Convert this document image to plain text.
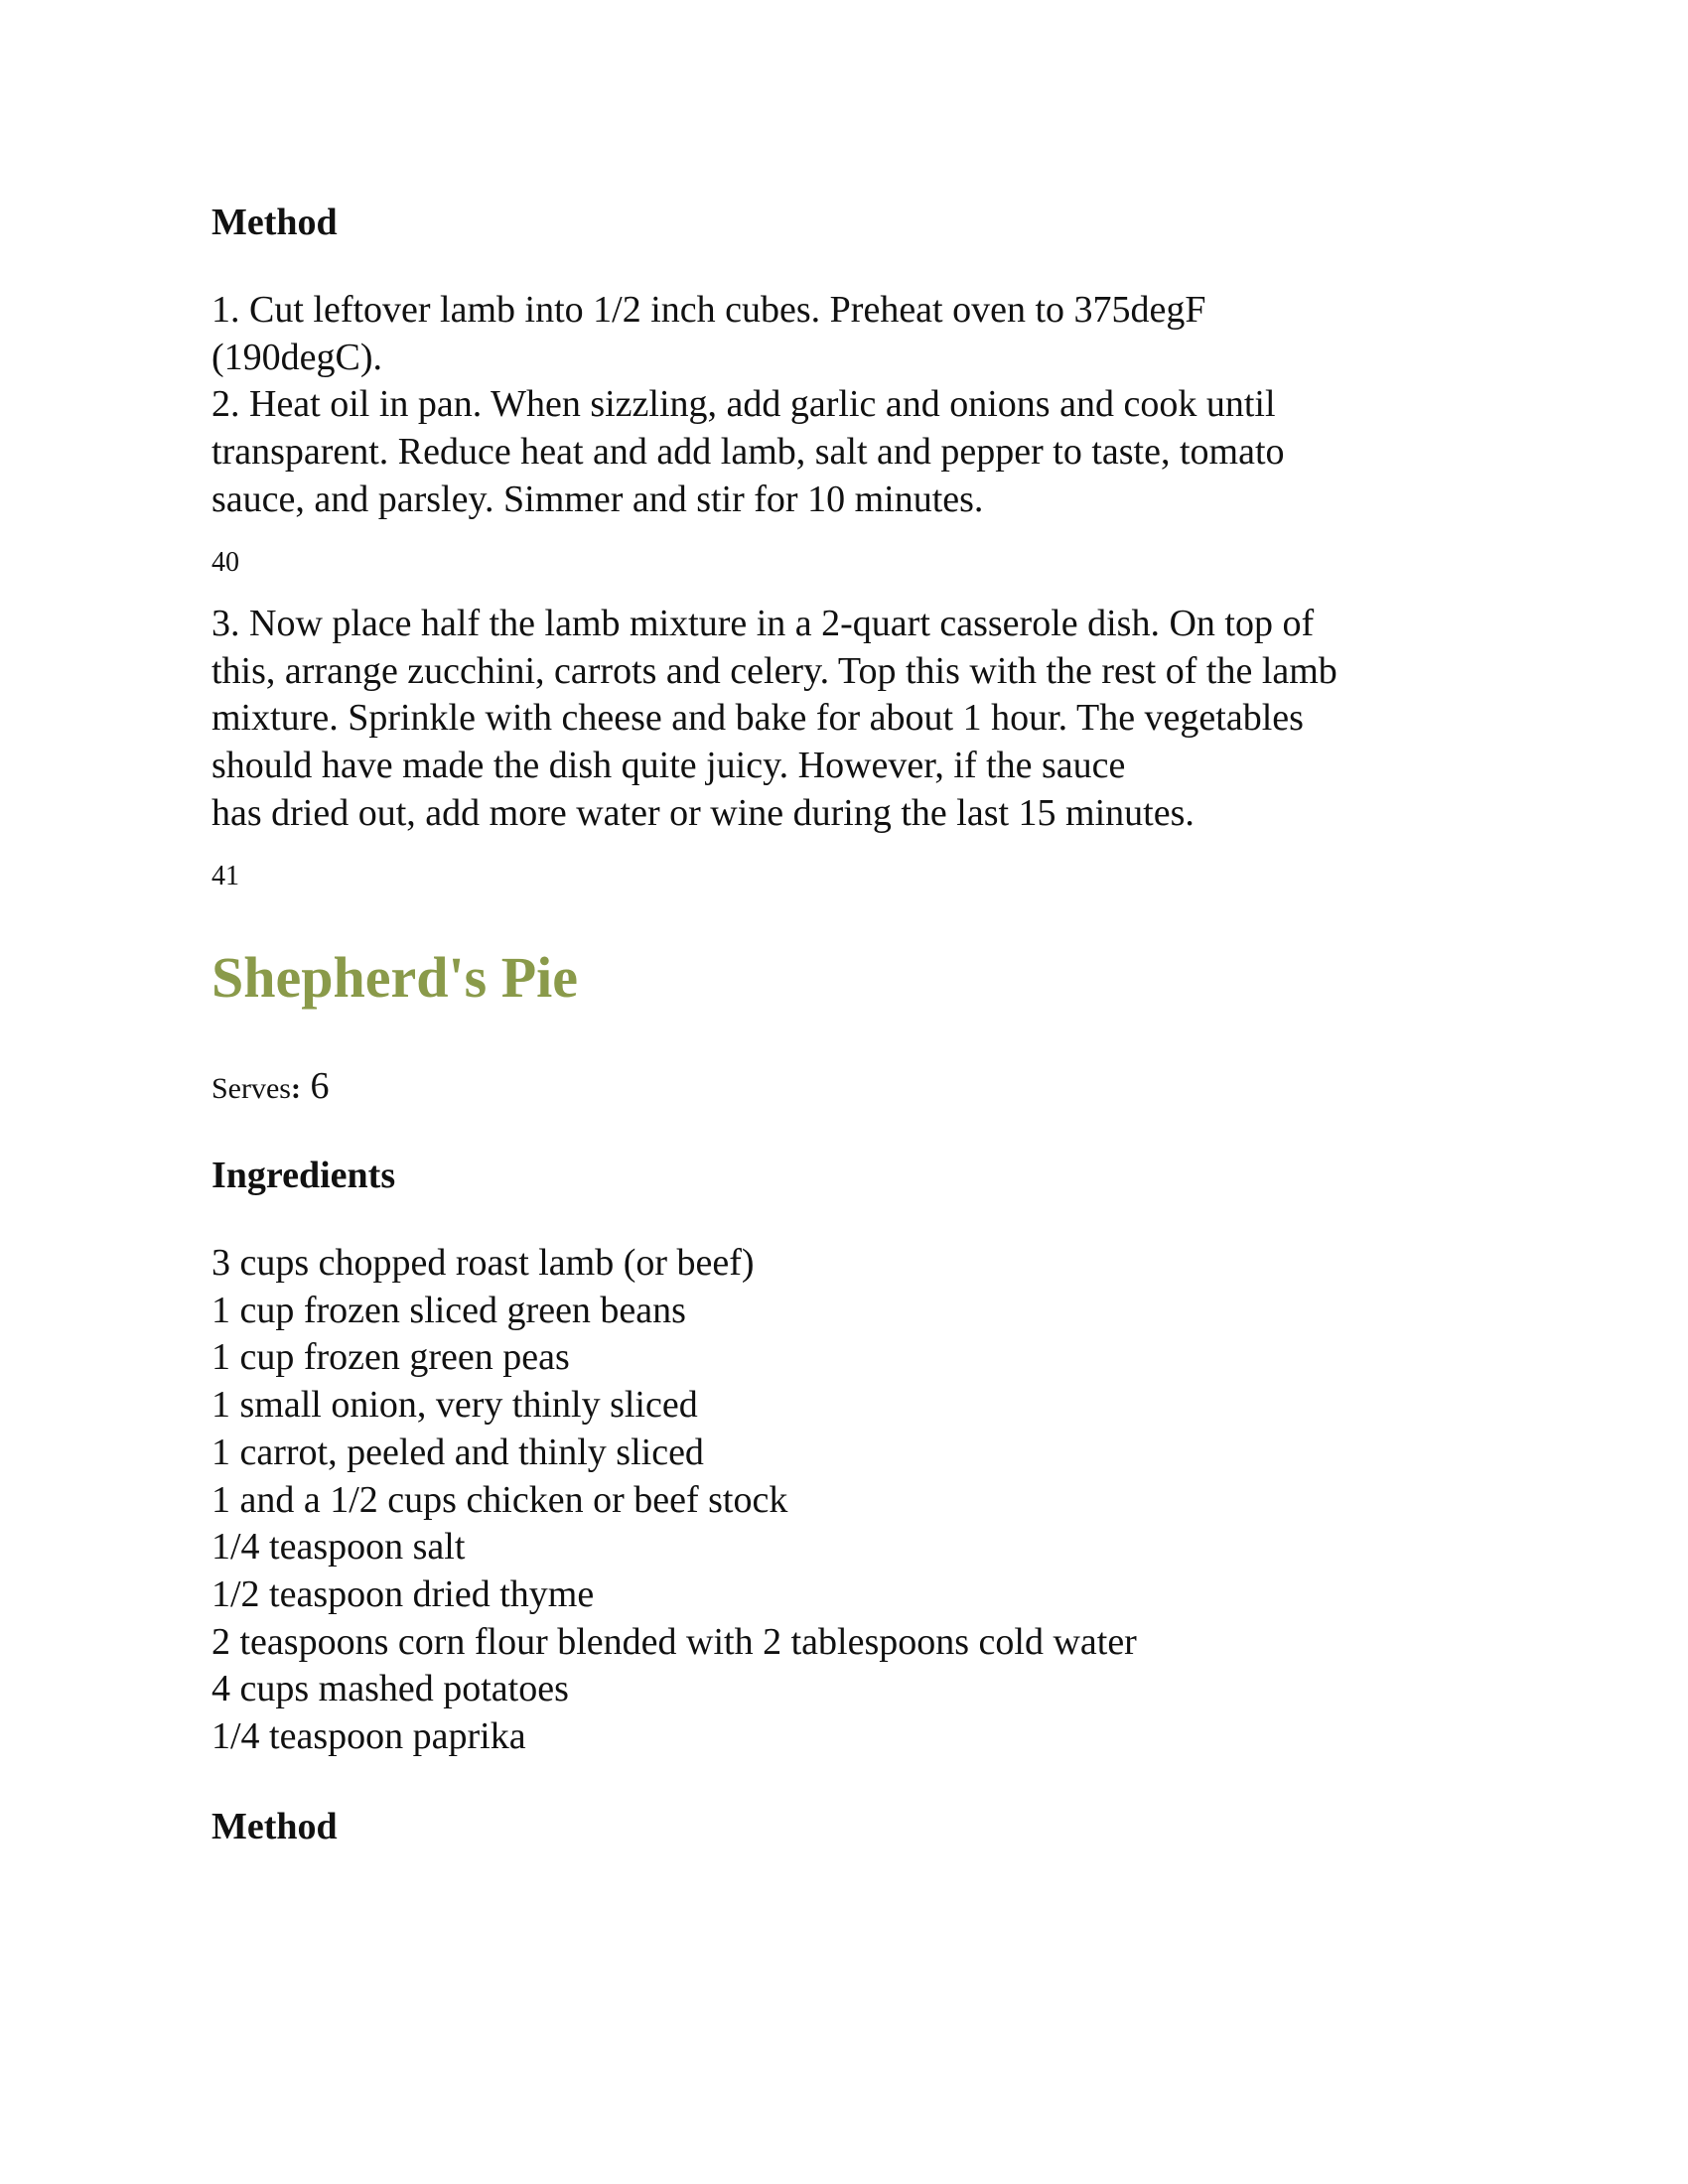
Method
1. Cut leftover lamb into 1/2 inch cubes. Preheat oven to 375degF
(190degC).
2. Heat oil in pan. When sizzling, add garlic and onions and cook until
transparent. Reduce heat and add lamb, salt and pepper to taste, tomato
sauce, and parsley. Simmer and stir for 10 minutes.
40
3. Now place half the lamb mixture in a 2-quart casserole dish. On top of
this, arrange zucchini, carrots and celery. Top this with the rest of the lamb
mixture. Sprinkle with cheese and bake for about 1 hour. The vegetables
should have made the dish quite juicy. However, if the sauce
has dried out, add more water or wine during the last 15 minutes.
41
Shepherd's Pie
Serves: 6
Ingredients
3 cups chopped roast lamb (or beef)
1 cup frozen sliced green beans
1 cup frozen green peas
1 small onion, very thinly sliced
1 carrot, peeled and thinly sliced
1 and a 1/2 cups chicken or beef stock
1/4 teaspoon salt
1/2 teaspoon dried thyme
2 teaspoons corn flour blended with 2 tablespoons cold water
4 cups mashed potatoes
1/4 teaspoon paprika
Method
